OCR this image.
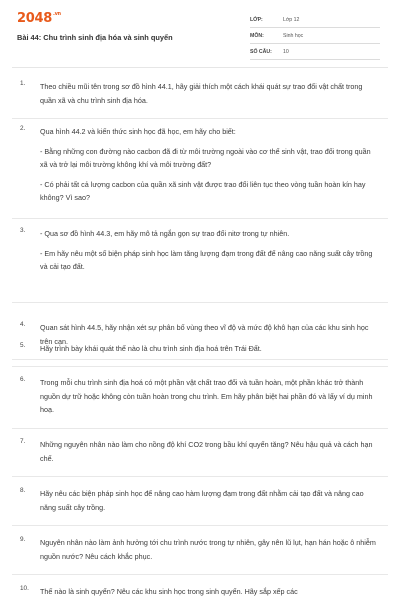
$2048^{.vn}$
Bài 44: Chu trình sinh địa hóa và sinh quyển
LỚP:	Lớp 12
MÔN:	Sinh học
SỐ CÂU:	10
1. Theo chiều mũi tên trong sơ đồ hình 44.1, hãy giải thích một cách khái quát sự trao đổi vật chất trong quần xã và chu trình sinh địa hóa.

2. Qua hình 44.2 và kiến thức sinh học đã học, em hãy cho biết:

- Bằng những con đường nào cacbon đã đi từ môi trường ngoài vào cơ thể sinh vật, trao đổi trong quần xã và trở lại môi trường không khí và môi trường đất?

- Có phải tất cả lượng cacbon của quần xã sinh vật được trao đổi liên tục theo vòng tuần hoàn kín hay không? Vì sao?

3. - Qua sơ đồ hình 44.3, em hãy mô tả ngắn gọn sự trao đổi nitơ trong tự nhiên.

- Em hãy nêu một số biện pháp sinh học làm tăng lượng đạm trong đất để nâng cao năng suất cây trồng và cải tạo đất.

4. Quan sát hình 44.5, hãy nhận xét sự phân bố vùng theo vĩ độ và mức độ khô hạn của các khu sinh học trên cạn.

5. Hãy trình bày khái quát thế nào là chu trình sinh địa hoá trên Trái Đất.

6. Trong mỗi chu trình sinh địa hoá có một phần vật chất trao đổi và tuần hoàn, một phần khác trở thành nguồn dự trữ hoặc không còn tuần hoàn trong chu trình. Em hãy phân biệt hai phần đó và lấy ví dụ minh hoạ.

7. Những nguyên nhân nào làm cho nồng độ khí CO2 trong bầu khí quyển tăng? Nêu hậu quả và cách hạn chế.

8. Hãy nêu các biện pháp sinh học để nâng cao hàm lượng đạm trong đất nhằm cải tạo đất và nâng cao năng suất cây trồng.

9. Nguyên nhân nào làm ảnh hưởng tới chu trình nước trong tự nhiên, gây nên lũ lụt, hạn hán hoặc ô nhiễm nguồn nước? Nêu cách khắc phục.

10. Thế nào là sinh quyển? Nêu các khu sinh học trong sinh quyển. Hãy sắp xếp các
